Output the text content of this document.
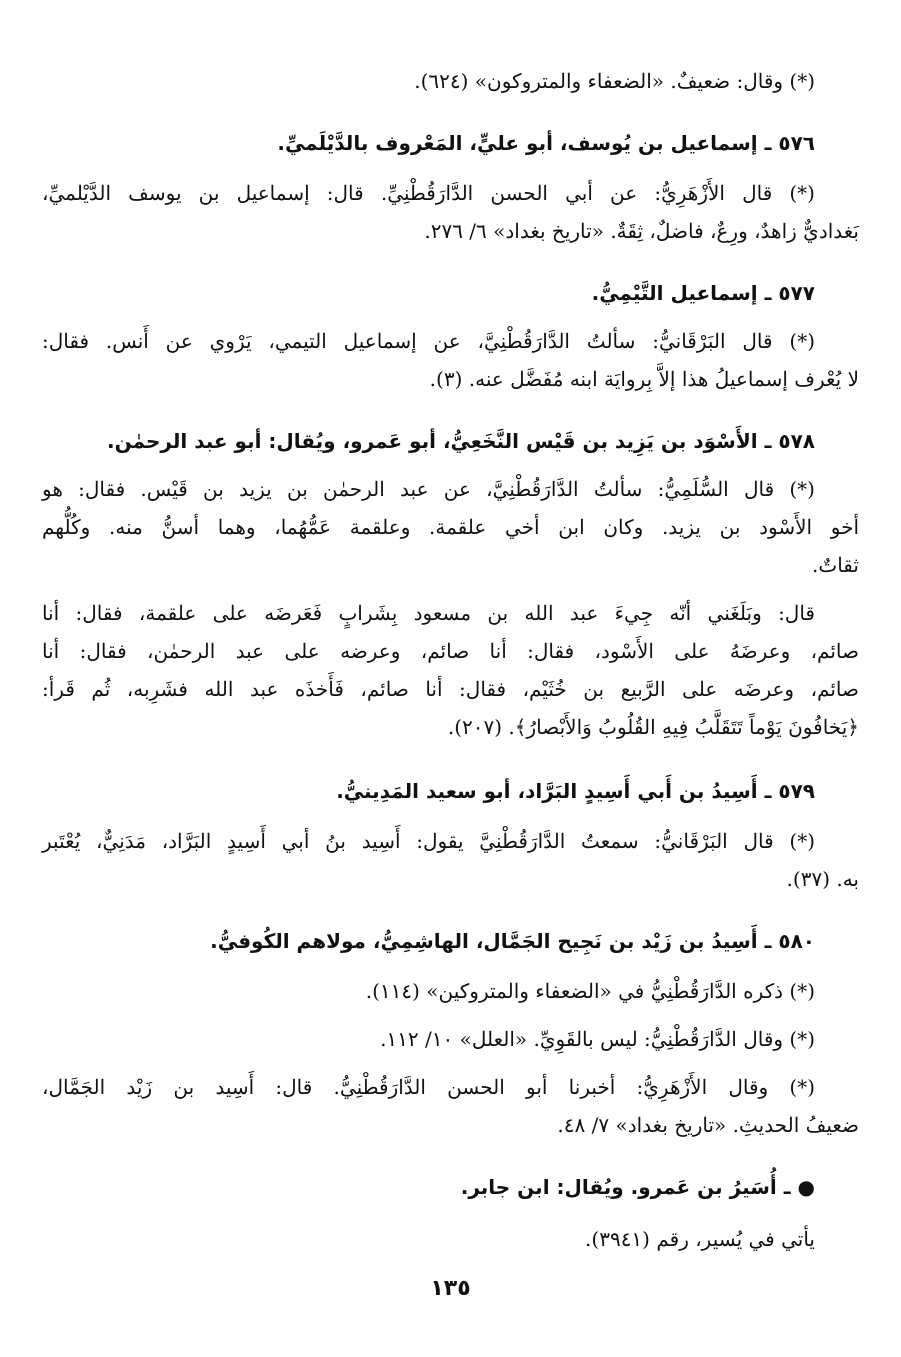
(*) وقال: ضعيفٌ. «الضعفاء والمتروكون» (٦٢٤).
٥٧٦ ـ إسماعيل بن يُوسف، أبو عليٍّ، المَعْروف بالدَّيْلَميِّ.
(*) قال الأَزْهَرِيُّ: عن أبي الحسن الدَّارَقُطْنِيِّ. قال: إسماعيل بن يوسف الدَّيْلميِّ،
بَغداديٌّ زاهدٌ، ورِعٌ، فاضلٌ، ثِقَةٌ. «تاريخ بغداد» ٦/ ٢٧٦.
٥٧٧ ـ إسماعيل التَّيْمِيُّ.
(*) قال البَرْقَانيُّ: سألتُ الدَّارَقُطْنِيَّ، عن إسماعيل التيمي، يَرْوي عن أَنس. فقال:
لا يُعْرف إسماعيلُ هذا إلاَّ بِروايَة ابنه مُفَضَّل عنه. (٣).
٥٧٨ ـ الأَسْوَد بن يَزِيد بن قَيْس النَّخَعِيُّ، أبو عَمرو، ويُقال: أبو عبد الرحمٰن.
(*) قال السُّلَمِيُّ: سألتُ الدَّارَقُطْنِيَّ، عن عبد الرحمٰن بن يزيد بن قَيْس. فقال: هو
أخو الأَسْود بن يزيد. وكان ابن أخي علقمة. وعلقمة عَمُّهُما، وهما أسنُّ منه. وكُلُّهم
ثقاتٌ.
قال: وبَلَغَني أنّه جِيءَ عبد الله بن مسعود بِشَرابٍ فَعَرضَه على علقمة، فقال: أنا
صائم، وعرضَهُ على الأَسْود، فقال: أنا صائم، وعرضه على عبد الرحمٰن، فقال: أنا
صائم، وعرضَه على الرَّبيع بن خُثَيْم، فقال: أنا صائم، فَأَخذَه عبد الله فشَرِبه، ثُم قَرأ:
﴿يَخافُونَ يَوْماً تَتَقَلَّبُ فِيهِ القُلُوبُ وَالأَبْصارُ﴾. (٢٠٧).
٥٧٩ ـ أَسِيدُ بن أَبي أَسِيدٍ البَرَّاد، أبو سعيد المَدِينيُّ.
(*) قال البَرْقَانيُّ: سمعتُ الدَّارَقُطْنِيَّ يقول: أَسِيد بنُ أبي أَسِيدٍ البَرَّاد، مَدَنِيٌّ، يُعْتَبر
به. (٣٧).
٥٨٠ ـ أَسِيدُ بن زَيْد بن نَجِيح الجَمَّال، الهاشِمِيُّ، مولاهم الكُوفيُّ.
(*) ذكره الدَّارَقُطْنِيُّ في «الضعفاء والمتروكين» (١١٤).
(*) وقال الدَّارَقُطْنِيُّ: ليس بالقَوِيِّ. «العلل» ١٠/ ١١٢.
(*) وقال الأَزْهَرِيُّ: أخبرنا أبو الحسن الدَّارَقُطْنِيُّ. قال: أَسِيد بن زَيْد الجَمَّال،
ضعيفُ الحديثِ. «تاريخ بغداد» ٧/ ٤٨.
● ـ أُسَيرُ بن عَمرو. ويُقال: ابن جابر.
يأتي في يُسير، رقم (٣٩٤١).
١٣٥
